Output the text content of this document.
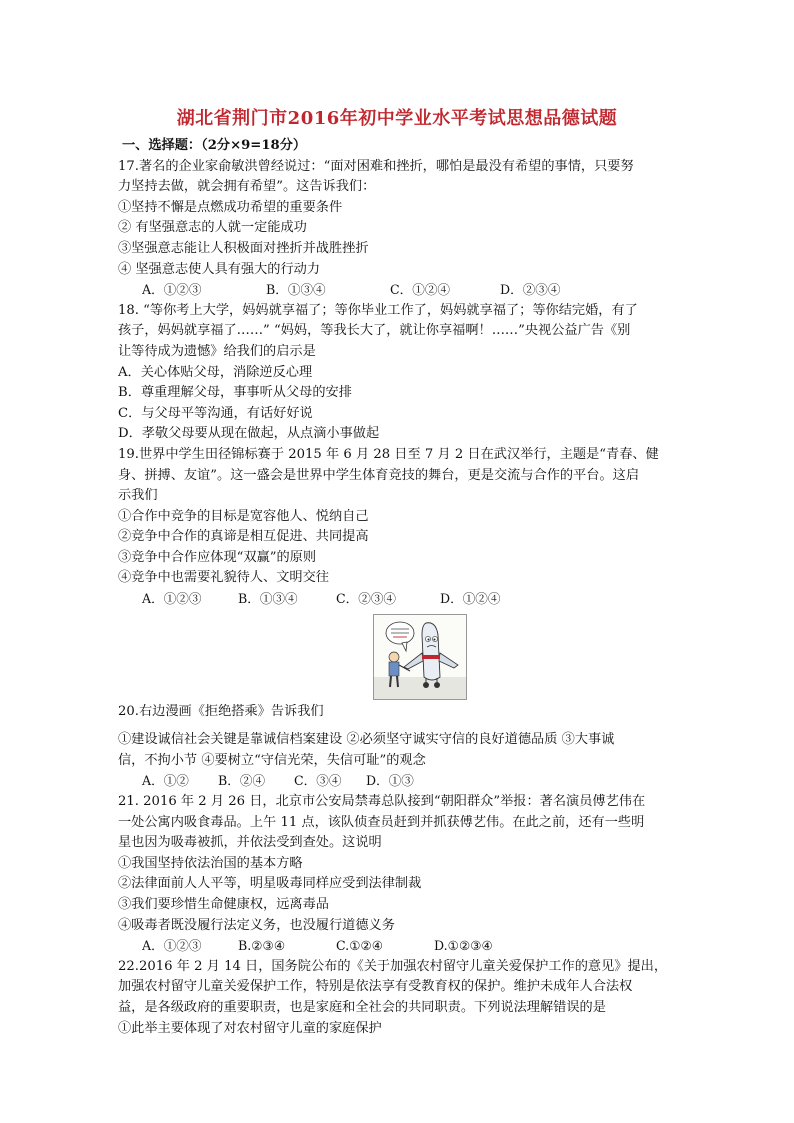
湖北省荆门市2016年初中学业水平考试思想品德试题
一、选择题：（2分×9=18分）
17.著名的企业家俞敏洪曾经说过：“面对困难和挫折，哪怕是最没有希望的事情，只要努
力坚持去做，就会拥有希望”。这告诉我们：
①坚持不懈是点燃成功希望的重要条件
② 有坚强意志的人就一定能成功
③坚强意志能让人积极面对挫折并战胜挫折
④ 坚强意志使人具有强大的行动力
A．①②③	B．①③④	C．①②④	D．②③④
18. “等你考上大学，妈妈就享福了；等你毕业工作了，妈妈就享福了；等你结完婚，有了
孩子，妈妈就享福了……” “妈妈，等我长大了，就让你享福啊！……”央视公益广告《别
让等待成为遗憾》给我们的启示是
A．关心体贴父母，消除逆反心理
B．尊重理解父母，事事听从父母的安排
C．与父母平等沟通，有话好好说
D．孝敬父母要从现在做起，从点滴小事做起
19.世界中学生田径锦标赛于 2015 年 6 月 28 日至 7 月 2 日在武汉举行，主题是“青春、健
身、拼搏、友谊”。这一盛会是世界中学生体育竞技的舞台，更是交流与合作的平台。这启
示我们
①合作中竞争的目标是宽容他人、悦纳自己
②竞争中合作的真谛是相互促进、共同提高
③竞争中合作应体现“双赢”的原则
④竞争中也需要礼貌待人、文明交往
A．①②③	B．①③④	C．②③④	D．①②④
20.右边漫画《拒绝搭乘》告诉我们
①建设诚信社会关键是靠诚信档案建设 ②必须坚守诚实守信的良好道德品质 ③大事诚
信，不拘小节 ④要树立“守信光荣，失信可耻”的观念
A．①② B．②④ C．③④ D．①③
21. 2016 年 2 月 26 日，北京市公安局禁毒总队接到“朝阳群众”举报：著名演员傅艺伟在
一处公寓内吸食毒品。上午 11 点，该队侦查员赶到并抓获傅艺伟。在此之前，还有一些明
星也因为吸毒被抓，并依法受到查处。这说明
①我国坚持依法治国的基本方略
②法律面前人人平等，明星吸毒同样应受到法律制裁
③我们要珍惜生命健康权，远离毒品
④吸毒者既没履行法定义务，也没履行道德义务
A．①②③	B.②③④	C.①②④	D.①②③④
22.2016 年 2 月 14 日，国务院公布的《关于加强农村留守儿童关爱保护工作的意见》提出，
加强农村留守儿童关爱保护工作，特别是依法享有受教育权的保护。维护未成年人合法权
益，是各级政府的重要职责，也是家庭和全社会的共同职责。下列说法理解错误的是
①此举主要体现了对农村留守儿童的家庭保护
